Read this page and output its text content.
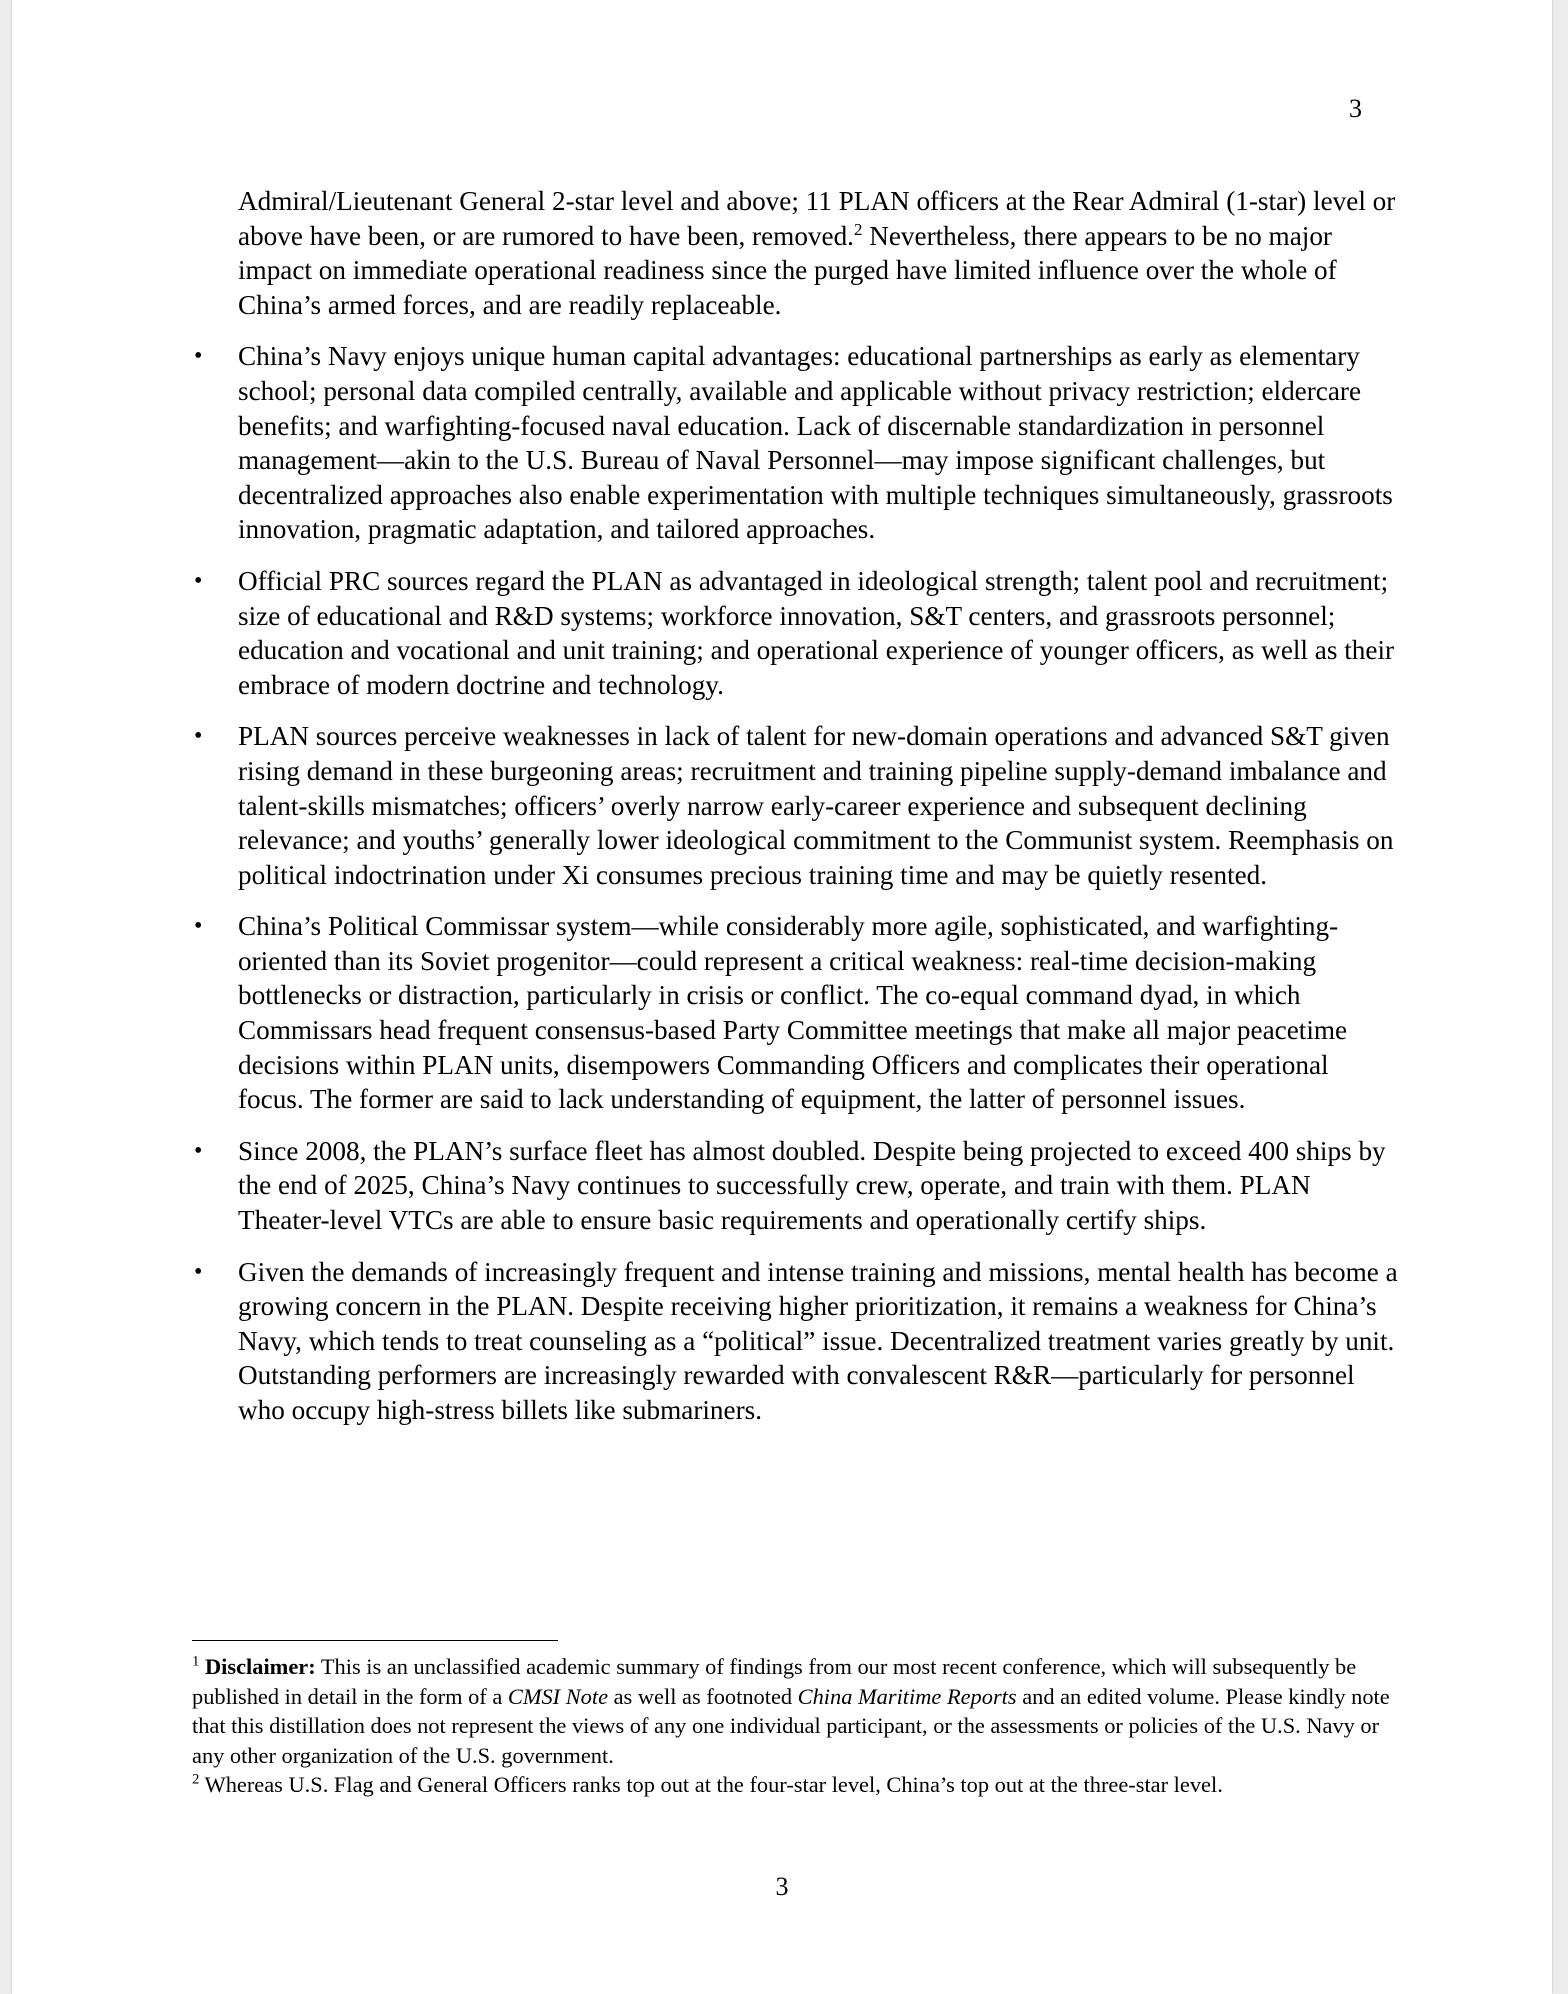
3

Admiral/Lieutenant General 2-star level and above; 11 PLAN officers at the Rear Admiral (1-star) level or above have been, or are rumored to have been, removed.$^2$ Nevertheless, there appears to be no major impact on immediate operational readiness since the purged have limited influence over the whole of China’s armed forces, and are readily replaceable.

• China’s Navy enjoys unique human capital advantages: educational partnerships as early as elementary school; personal data compiled centrally, available and applicable without privacy restriction; eldercare benefits; and warfighting-focused naval education. Lack of discernable standardization in personnel management—akin to the U.S. Bureau of Naval Personnel—may impose significant challenges, but decentralized approaches also enable experimentation with multiple techniques simultaneously, grassroots innovation, pragmatic adaptation, and tailored approaches.
• Official PRC sources regard the PLAN as advantaged in ideological strength; talent pool and recruitment; size of educational and R&D systems; workforce innovation, S&T centers, and grassroots personnel; education and vocational and unit training; and operational experience of younger officers, as well as their embrace of modern doctrine and technology.
• PLAN sources perceive weaknesses in lack of talent for new-domain operations and advanced S&T given rising demand in these burgeoning areas; recruitment and training pipeline supply-demand imbalance and talent-skills mismatches; officers’ overly narrow early-career experience and subsequent declining relevance; and youths’ generally lower ideological commitment to the Communist system. Reemphasis on political indoctrination under Xi consumes precious training time and may be quietly resented.
• China’s Political Commissar system—while considerably more agile, sophisticated, and warfighting-oriented than its Soviet progenitor—could represent a critical weakness: real-time decision-making bottlenecks or distraction, particularly in crisis or conflict. The co-equal command dyad, in which Commissars head frequent consensus-based Party Committee meetings that make all major peacetime decisions within PLAN units, disempowers Commanding Officers and complicates their operational focus. The former are said to lack understanding of equipment, the latter of personnel issues.
• Since 2008, the PLAN’s surface fleet has almost doubled. Despite being projected to exceed 400 ships by the end of 2025, China’s Navy continues to successfully crew, operate, and train with them. PLAN Theater-level VTCs are able to ensure basic requirements and operationally certify ships.
• Given the demands of increasingly frequent and intense training and missions, mental health has become a growing concern in the PLAN. Despite receiving higher prioritization, it remains a weakness for China’s Navy, which tends to treat counseling as a “political” issue. Decentralized treatment varies greatly by unit. Outstanding performers are increasingly rewarded with convalescent R&R—particularly for personnel who occupy high-stress billets like submariners.

$^1$ Disclaimer: This is an unclassified academic summary of findings from our most recent conference, which will subsequently be published in detail in the form of a CMSI Note as well as footnoted China Maritime Reports and an edited volume. Please kindly note that this distillation does not represent the views of any one individual participant, or the assessments or policies of the U.S. Navy or any other organization of the U.S. government.

$^2$ Whereas U.S. Flag and General Officers ranks top out at the four-star level, China’s top out at the three-star level.

3
